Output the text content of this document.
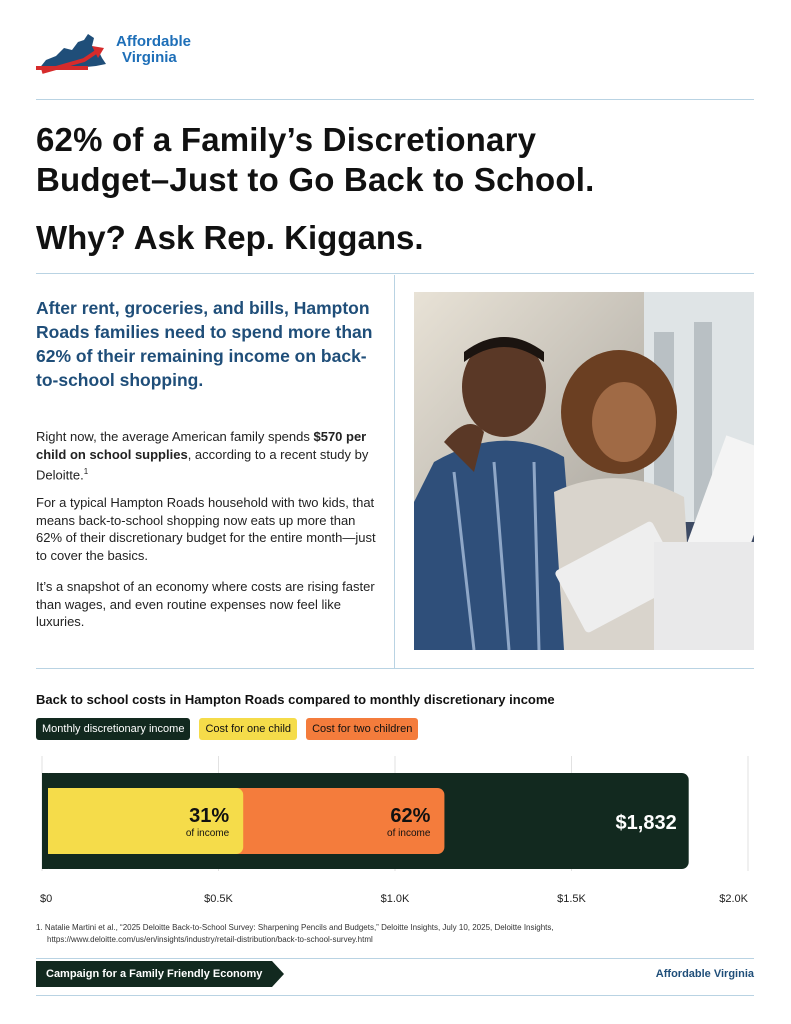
Affordable
Virginia
62% of a Family’s Discretionary
Budget–Just to Go Back to School.
Why? Ask Rep. Kiggans.

After rent, groceries, and bills, Hampton Roads families need to spend more than 62% of their remaining income on back-to-school shopping.

Right now, the average American family spends $570 per child on school supplies, according to a recent study by Deloitte.$^1$

For a typical Hampton Roads household with two kids, that means back-to-school shopping now eats up more than 62% of their discretionary budget for the entire month—just to cover the basics.

It’s a snapshot of an economy where costs are rising faster than wages, and even routine expenses now feel like luxuries.

Back to school costs in Hampton Roads compared to monthly discretionary income

Monthly discretionary income	Cost for one child	Cost for two children
31%
of income
62%
of income	$1,832
$0	$0.5K	$1.0K	$1.5K	$2.0K
1. Natalie Martini et al., “2025 Deloitte Back-to-School Survey: Sharpening Pencils and Budgets,” Deloitte Insights, July 10, 2025, Deloitte Insights,
https://www.deloitte.com/us/en/insights/industry/retail-distribution/back-to-school-survey.html
Campaign for a Family Friendly Economy	Affordable Virginia
